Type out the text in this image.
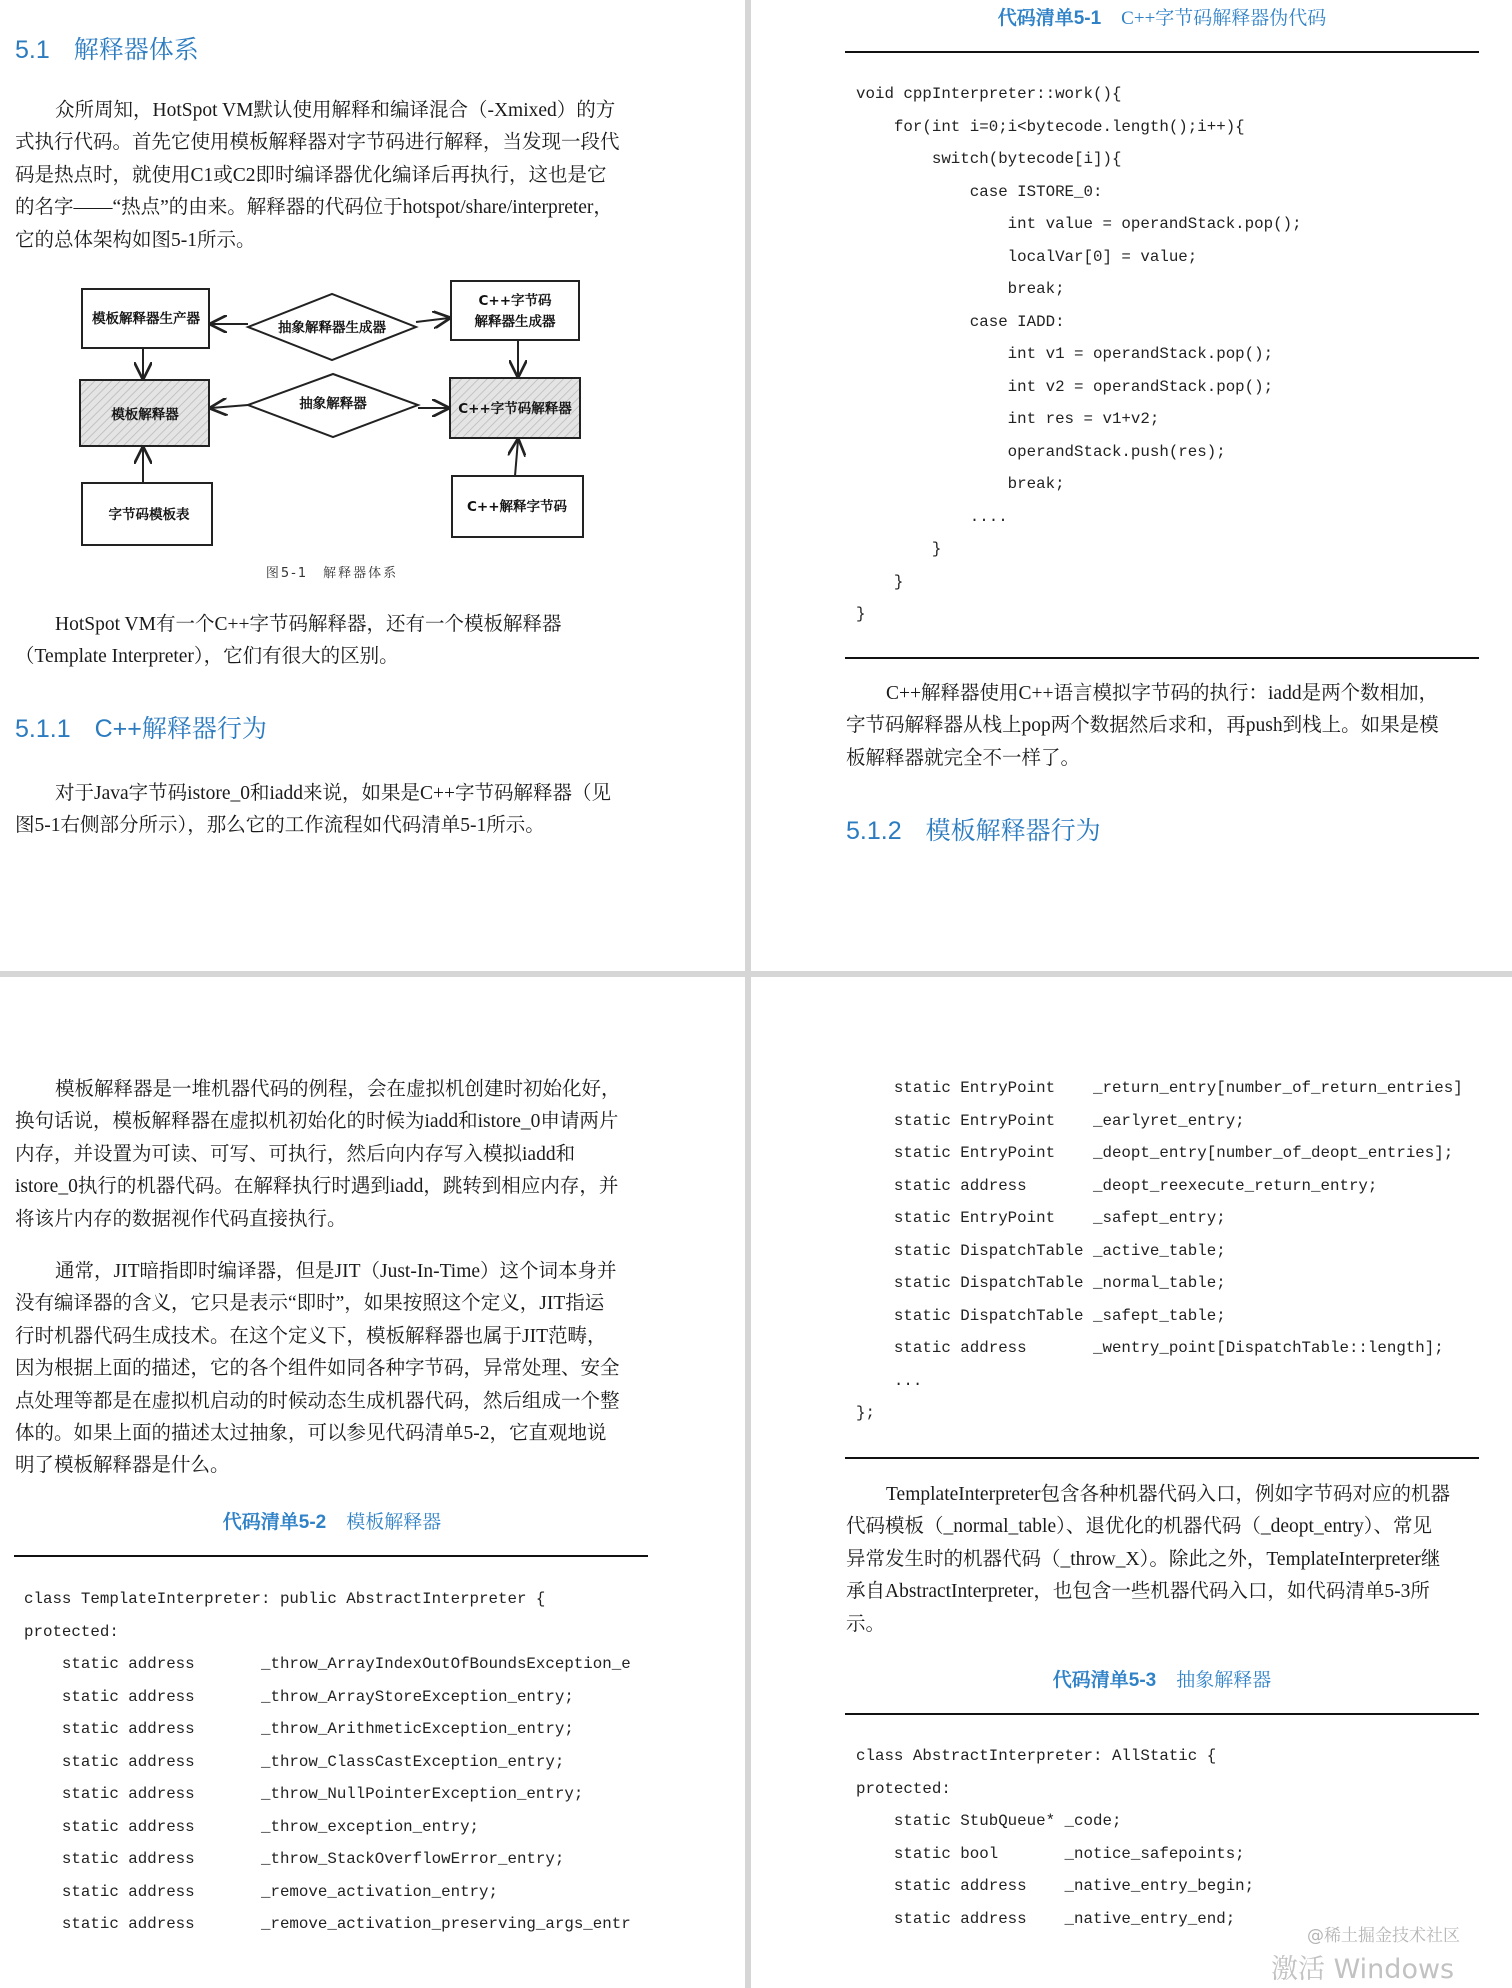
5.1 解释器体系
众所周知，HotSpot VM默认使用解释和编译混合（-Xmixed）的方
式执行代码。首先它使用模板解释器对字节码进行解释，当发现一段代
码是热点时，就使用C1或C2即时编译器优化编译后再执行，这也是它
的名字——“热点”的由来。解释器的代码位于hotspot/share/interpreter，
它的总体架构如图5-1所示。
模板解释器生产器
抽象解释器生成器
C++字节码
解释器生成器
模板解释器
抽象解释器	C++字节码解释器
字节码模板表	C++解释字节码
图5-1　解释器体系
HotSpot VM有一个C++字节码解释器，还有一个模板解释器
（Template Interpreter），它们有很大的区别。
5.1.1 C++解释器行为
对于Java字节码istore_0和iadd来说，如果是C++字节码解释器（见
图5-1右侧部分所示），那么它的工作流程如代码清单5-1所示。
代码清单5-1 C++字节码解释器伪代码
void cppInterpreter::work(){
for(int i=0;i<bytecode.length();i++){
switch(bytecode[i]){
case ISTORE_0:
int value = operandStack.pop();
localVar[0] = value;
break;
case IADD:
int v1 = operandStack.pop();
int v2 = operandStack.pop();
int res = v1+v2;
operandStack.push(res);
break;
....
}
}
}
C++解释器使用C++语言模拟字节码的执行：iadd是两个数相加，
字节码解释器从栈上pop两个数据然后求和，再push到栈上。如果是模
板解释器就完全不一样了。
5.1.2 模板解释器行为
模板解释器是一堆机器代码的例程，会在虚拟机创建时初始化好，
换句话说，模板解释器在虚拟机初始化的时候为iadd和istore_0申请两片
内存，并设置为可读、可写、可执行，然后向内存写入模拟iadd和
istore_0执行的机器代码。在解释执行时遇到iadd，跳转到相应内存，并
将该片内存的数据视作代码直接执行。
通常，JIT暗指即时编译器，但是JIT（Just-In-Time）这个词本身并
没有编译器的含义，它只是表示“即时”，如果按照这个定义，JIT指运
行时机器代码生成技术。在这个定义下，模板解释器也属于JIT范畴，
因为根据上面的描述，它的各个组件如同各种字节码，异常处理、安全
点处理等都是在虚拟机启动的时候动态生成机器代码，然后组成一个整
体的。如果上面的描述太过抽象，可以参见代码清单5-2，它直观地说
明了模板解释器是什么。
代码清单5-2 模板解释器
class TemplateInterpreter: public AbstractInterpreter {
protected:
static address       _throw_ArrayIndexOutOfBoundsException_e
static address       _throw_ArrayStoreException_entry;
static address       _throw_ArithmeticException_entry;
static address       _throw_ClassCastException_entry;
static address       _throw_NullPointerException_entry;
static address       _throw_exception_entry;
static address       _throw_StackOverflowError_entry;
static address       _remove_activation_entry;
static address       _remove_activation_preserving_args_entr
static EntryPoint    _return_entry[number_of_return_entries]
static EntryPoint    _earlyret_entry;
static EntryPoint    _deopt_entry[number_of_deopt_entries];
static address       _deopt_reexecute_return_entry;
static EntryPoint    _safept_entry;
static DispatchTable _active_table;
static DispatchTable _normal_table;
static DispatchTable _safept_table;
static address       _wentry_point[DispatchTable::length];
...
};
TemplateInterpreter包含各种机器代码入口，例如字节码对应的机器
代码模板（_normal_table）、退优化的机器代码（_deopt_entry）、常见
异常发生时的机器代码（_throw_X）。除此之外，TemplateInterpreter继
承自AbstractInterpreter，也包含一些机器代码入口，如代码清单5-3所
示。
代码清单5-3 抽象解释器
class AbstractInterpreter: AllStatic {
protected:
static StubQueue* _code;
static bool       _notice_safepoints;
static address    _native_entry_begin;
static address    _native_entry_end;
@稀土掘金技术社区
激活 Windows
